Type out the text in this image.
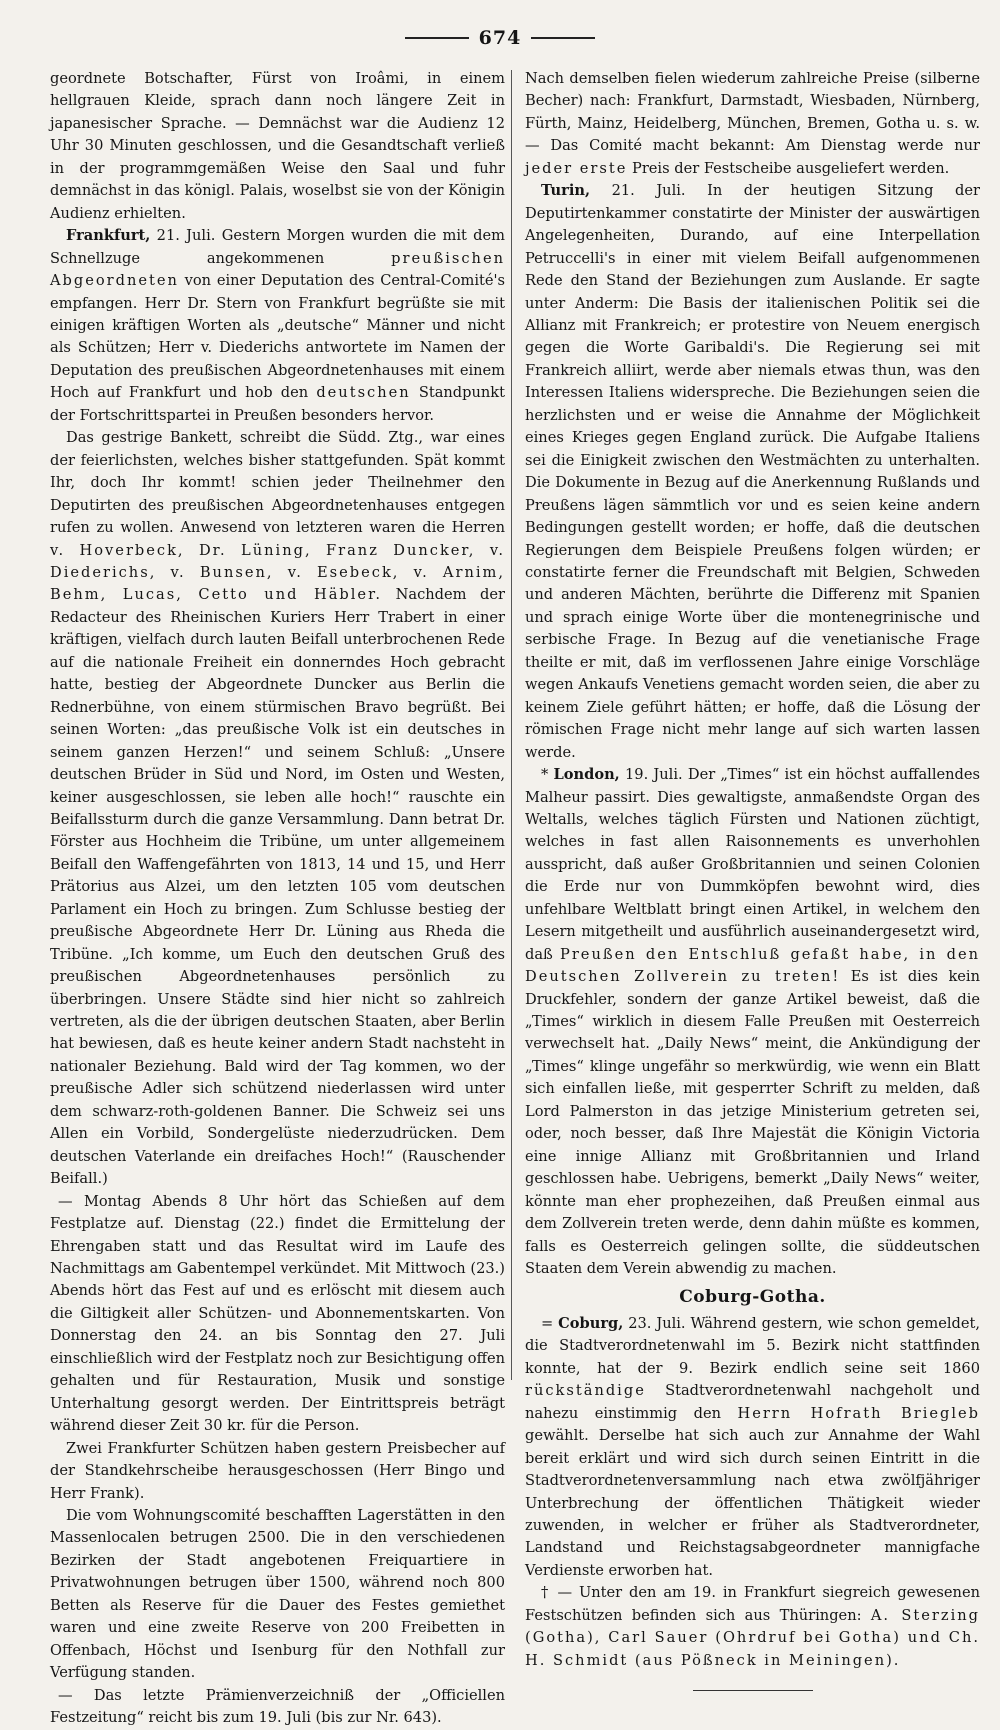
674

geordnete Botschafter, Fürst von Iroâmi, in einem hellgrauen Kleide, sprach dann noch längere Zeit in japanesischer Sprache. — Demnächst war die Audienz 12 Uhr 30 Minuten geschlossen, und die Gesandtschaft verließ in der programmgemäßen Weise den Saal und fuhr demnächst in das königl. Palais, woselbst sie von der Königin Audienz erhielten.

Frankfurt, 21. Juli. Gestern Morgen wurden die mit dem Schnellzuge angekommenen preußischen Abgeordneten von einer Deputation des Central-Comité's empfangen. Herr Dr. Stern von Frankfurt begrüßte sie mit einigen kräftigen Worten als „deutsche“ Männer und nicht als Schützen; Herr v. Diederichs antwortete im Namen der Deputation des preußischen Abgeordnetenhauses mit einem Hoch auf Frankfurt und hob den deutschen Standpunkt der Fortschrittspartei in Preußen besonders hervor.

Das gestrige Bankett, schreibt die Südd. Ztg., war eines der feierlichsten, welches bisher stattgefunden. Spät kommt Ihr, doch Ihr kommt! schien jeder Theilnehmer den Deputirten des preußischen Abgeordnetenhauses entgegen rufen zu wollen. Anwesend von letzteren waren die Herren v. Hoverbeck, Dr. Lüning, Franz Duncker, v. Diederichs, v. Bunsen, v. Esebeck, v. Arnim, Behm, Lucas, Cetto und Häbler. Nachdem der Redacteur des Rheinischen Kuriers Herr Trabert in einer kräftigen, vielfach durch lauten Beifall unterbrochenen Rede auf die nationale Freiheit ein donnerndes Hoch gebracht hatte, bestieg der Abgeordnete Duncker aus Berlin die Rednerbühne, von einem stürmischen Bravo begrüßt. Bei seinen Worten: „das preußische Volk ist ein deutsches in seinem ganzen Herzen!“ und seinem Schluß: „Unsere deutschen Brüder in Süd und Nord, im Osten und Westen, keiner ausgeschlossen, sie leben alle hoch!“ rauschte ein Beifallssturm durch die ganze Versammlung. Dann betrat Dr. Förster aus Hochheim die Tribüne, um unter allgemeinem Beifall den Waffengefährten von 1813, 14 und 15, und Herr Prätorius aus Alzei, um den letzten 105 vom deutschen Parlament ein Hoch zu bringen. Zum Schlusse bestieg der preußische Abgeordnete Herr Dr. Lüning aus Rheda die Tribüne. „Ich komme, um Euch den deutschen Gruß des preußischen Abgeordnetenhauses persönlich zu überbringen. Unsere Städte sind hier nicht so zahlreich vertreten, als die der übrigen deutschen Staaten, aber Berlin hat bewiesen, daß es heute keiner andern Stadt nachsteht in nationaler Beziehung. Bald wird der Tag kommen, wo der preußische Adler sich schützend niederlassen wird unter dem schwarz-roth-goldenen Banner. Die Schweiz sei uns Allen ein Vorbild, Sondergelüste niederzudrücken. Dem deutschen Vaterlande ein dreifaches Hoch!“ (Rauschender Beifall.)

— Montag Abends 8 Uhr hört das Schießen auf dem Festplatze auf. Dienstag (22.) findet die Ermittelung der Ehrengaben statt und das Resultat wird im Laufe des Nachmittags am Gabentempel verkündet. Mit Mittwoch (23.) Abends hört das Fest auf und es erlöscht mit diesem auch die Giltigkeit aller Schützen- und Abonnementskarten. Von Donnerstag den 24. an bis Sonntag den 27. Juli einschließlich wird der Festplatz noch zur Besichtigung offen gehalten und für Restauration, Musik und sonstige Unterhaltung gesorgt werden. Der Eintrittspreis beträgt während dieser Zeit 30 kr. für die Person.

Zwei Frankfurter Schützen haben gestern Preisbecher auf der Standkehrscheibe herausgeschossen (Herr Bingo und Herr Frank).

Die vom Wohnungscomité beschafften Lagerstätten in den Massenlocalen betrugen 2500. Die in den verschiedenen Bezirken der Stadt angebotenen Freiquartiere in Privatwohnungen betrugen über 1500, während noch 800 Betten als Reserve für die Dauer des Festes gemiethet waren und eine zweite Reserve von 200 Freibetten in Offenbach, Höchst und Isenburg für den Nothfall zur Verfügung standen.

— Das letzte Prämienverzeichniß der „Officiellen Festzeitung“ reicht bis zum 19. Juli (bis zur Nr. 643).

Nach demselben fielen wiederum zahlreiche Preise (silberne Becher) nach: Frankfurt, Darmstadt, Wiesbaden, Nürnberg, Fürth, Mainz, Heidelberg, München, Bremen, Gotha u. s. w. — Das Comité macht bekannt: Am Dienstag werde nur jeder erste Preis der Festscheibe ausgeliefert werden.

Turin, 21. Juli. In der heutigen Sitzung der Deputirtenkammer constatirte der Minister der auswärtigen Angelegenheiten, Durando, auf eine Interpellation Petruccelli's in einer mit vielem Beifall aufgenommenen Rede den Stand der Beziehungen zum Auslande. Er sagte unter Anderm: Die Basis der italienischen Politik sei die Allianz mit Frankreich; er protestire von Neuem energisch gegen die Worte Garibaldi's. Die Regierung sei mit Frankreich alliirt, werde aber niemals etwas thun, was den Interessen Italiens widerspreche. Die Beziehungen seien die herzlichsten und er weise die Annahme der Möglichkeit eines Krieges gegen England zurück. Die Aufgabe Italiens sei die Einigkeit zwischen den Westmächten zu unterhalten. Die Dokumente in Bezug auf die Anerkennung Rußlands und Preußens lägen sämmtlich vor und es seien keine andern Bedingungen gestellt worden; er hoffe, daß die deutschen Regierungen dem Beispiele Preußens folgen würden; er constatirte ferner die Freundschaft mit Belgien, Schweden und anderen Mächten, berührte die Differenz mit Spanien und sprach einige Worte über die montenegrinische und serbische Frage. In Bezug auf die venetianische Frage theilte er mit, daß im verflossenen Jahre einige Vorschläge wegen Ankaufs Venetiens gemacht worden seien, die aber zu keinem Ziele geführt hätten; er hoffe, daß die Lösung der römischen Frage nicht mehr lange auf sich warten lassen werde.

* London, 19. Juli. Der „Times“ ist ein höchst auffallendes Malheur passirt. Dies gewaltigste, anmaßendste Organ des Weltalls, welches täglich Fürsten und Nationen züchtigt, welches in fast allen Raisonnements es unverhohlen ausspricht, daß außer Großbritannien und seinen Colonien die Erde nur von Dummköpfen bewohnt wird, dies unfehlbare Weltblatt bringt einen Artikel, in welchem den Lesern mitgetheilt und ausführlich auseinandergesetzt wird, daß Preußen den Entschluß gefaßt habe, in den Deutschen Zollverein zu treten! Es ist dies kein Druckfehler, sondern der ganze Artikel beweist, daß die „Times“ wirklich in diesem Falle Preußen mit Oesterreich verwechselt hat. „Daily News“ meint, die Ankündigung der „Times“ klinge ungefähr so merkwürdig, wie wenn ein Blatt sich einfallen ließe, mit gesperrter Schrift zu melden, daß Lord Palmerston in das jetzige Ministerium getreten sei, oder, noch besser, daß Ihre Majestät die Königin Victoria eine innige Allianz mit Großbritannien und Irland geschlossen habe. Uebrigens, bemerkt „Daily News“ weiter, könnte man eher prophezeihen, daß Preußen einmal aus dem Zollverein treten werde, denn dahin müßte es kommen, falls es Oesterreich gelingen sollte, die süddeutschen Staaten dem Verein abwendig zu machen.

Coburg-Gotha.

= Coburg, 23. Juli. Während gestern, wie schon gemeldet, die Stadtverordnetenwahl im 5. Bezirk nicht stattfinden konnte, hat der 9. Bezirk endlich seine seit 1860 rückständige Stadtverordnetenwahl nachgeholt und nahezu einstimmig den Herrn Hofrath Briegleb gewählt. Derselbe hat sich auch zur Annahme der Wahl bereit erklärt und wird sich durch seinen Eintritt in die Stadtverordnetenversammlung nach etwa zwölfjähriger Unterbrechung der öffentlichen Thätigkeit wieder zuwenden, in welcher er früher als Stadtverordneter, Landstand und Reichstagsabgeordneter mannigfache Verdienste erworben hat.

† — Unter den am 19. in Frankfurt siegreich gewesenen Festschützen befinden sich aus Thüringen: A. Sterzing (Gotha), Carl Sauer (Ohrdruf bei Gotha) und Ch. H. Schmidt (aus Pößneck in Meiningen).
